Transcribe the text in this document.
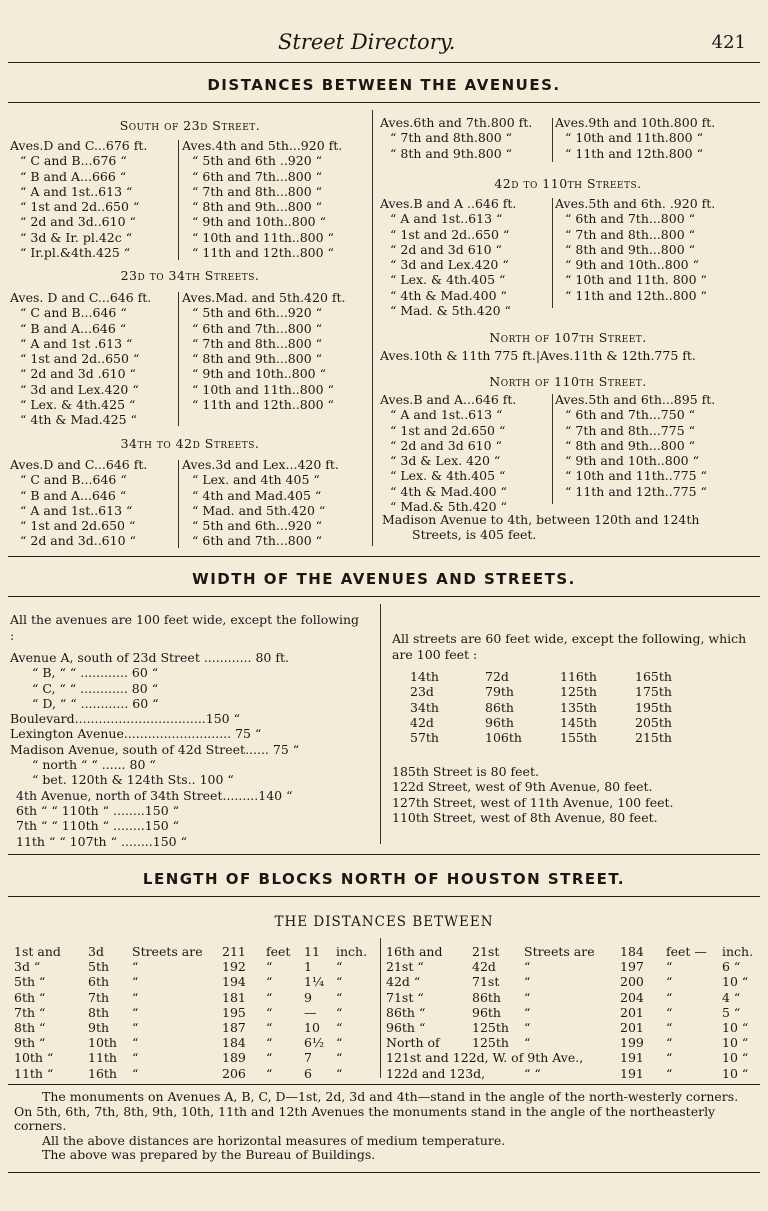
Street Directory.	421
DISTANCES BETWEEN THE AVENUES.
South of 23d Street.
Aves.D and C...676 ft.
“ C and B...676 “
“ B and A...666 “
“ A and 1st..613 “
“ 1st and 2d..650 “
“ 2d and 3d..610 “
“ 3d & Ir. pl.42c “
“ Ir.pl.&4th.425 “
Aves.4th and 5th...920 ft.
“ 5th and 6th ..920 “
“ 6th and 7th...800 “
“ 7th and 8th...800 “
“ 8th and 9th...800 “
“ 9th and 10th..800 “
“ 10th and 11th..800 “
“ 11th and 12th..800 “
23d to 34th Streets.
Aves. D and C...646 ft.
“ C and B...646 “
“ B and A...646 “
“ A and 1st .613 “
“ 1st and 2d..650 “
“ 2d and 3d .610 “
“ 3d and Lex.420 “
“ Lex. & 4th.425 “
“ 4th & Mad.425 “
Aves.Mad. and 5th.420 ft.
“ 5th and 6th...920 “
“ 6th and 7th...800 “
“ 7th and 8th...800 “
“ 8th and 9th...800 “
“ 9th and 10th..800 “
“ 10th and 11th..800 “
“ 11th and 12th..800 “
34th to 42d Streets.
Aves.D and C...646 ft.
“ C and B...646 “
“ B and A...646 “
“ A and 1st..613 “
“ 1st and 2d.650 “
“ 2d and 3d..610 “
Aves.3d and Lex...420 ft.
“ Lex. and 4th 405 “
“ 4th and Mad.405 “
“ Mad. and 5th.420 “
“ 5th and 6th...920 “
“ 6th and 7th...800 “
Aves.6th and 7th.800 ft.
“ 7th and 8th.800 “
“ 8th and 9th.800 “
Aves.9th and 10th.800 ft.
“ 10th and 11th.800 “
“ 11th and 12th.800 “
42d to 110th Streets.
Aves.B and A ..646 ft.
“ A and 1st..613 “
“ 1st and 2d..650 “
“ 2d and 3d 610 “
“ 3d and Lex.420 “
“ Lex. & 4th.405 “
“ 4th & Mad.400 “
“ Mad. & 5th.420 “
Aves.5th and 6th. .920 ft.
“ 6th and 7th...800 “
“ 7th and 8th...800 “
“ 8th and 9th...800 “
“ 9th and 10th..800 “
“ 10th and 11th. 800 “
“ 11th and 12th..800 “
North of 107th Street.
Aves.10th & 11th 775 ft.|Aves.11th & 12th.775 ft.
North of 110th Street.
Aves.B and A...646 ft.
“ A and 1st..613 “
“ 1st and 2d.650 “
“ 2d and 3d 610 “
“ 3d & Lex. 420 “
“ Lex. & 4th.405 “
“ 4th & Mad.400 “
“ Mad.& 5th.420 “
Aves.5th and 6th...895 ft.
“ 6th and 7th...750 “
“ 7th and 8th...775 “
“ 8th and 9th...800 “
“ 9th and 10th..800 “
“ 10th and 11th..775 “
“ 11th and 12th..775 “
Madison Avenue to 4th, between 120th and 124th
Streets, is 405 feet.
WIDTH OF THE AVENUES AND STREETS.
All the avenues are 100 feet wide, except the following :
Avenue A, south of 23d Street ............ 80 ft.
“ B, “ “ ............ 60 “
“ C, “ “ ............ 80 “
“ D, “ “ ............ 60 “
Boulevard.................................150 “
Lexington Avenue........................... 75 “
Madison Avenue, south of 42d Street...... 75 “
“ north “ “ ...... 80 “
“ bet. 120th & 124th Sts.. 100 “
4th Avenue, north of 34th Street.........140 “
6th “ “ 110th “ ........150 “
7th “ “ 110th “ ........150 “
11th “ “ 107th “ ........150 “
All streets are 60 feet wide, except the following, which are 100 feet :
14th	72d	116th	165th
23d	79th	125th	175th
34th	86th	135th	195th
42d	96th	145th	205th
57th	106th	155th	215th
185th Street is 80 feet.
122d Street, west of 9th Avenue, 80 feet.
127th Street, west of 11th Avenue, 100 feet.
110th Street, west of 8th Avenue, 80 feet.
LENGTH OF BLOCKS NORTH OF HOUSTON STREET.
THE DISTANCES BETWEEN
1st and	3d	Streets are	211	feet	11	inch.
3d “	5th	“	192	“	1	“
5th “	6th	“	194	“	1¼ “
6th “	7th	“	181	“	9	“
7th “	8th	“	195	“	—	“
8th “	9th	“	187	“	10	“
9th “	10th	“	184	“	6½ “
10th “	11th	“	189	“	7	“
11th “	16th	“	206	“	6	“
16th and	21st	Streets are	184	feet —	inch.
21st “	42d	“	197	“	6 “
42d “	71st	“	200	“	10 “
71st “	86th	“	204	“	4 “
86th “	96th	“	201	“	5 “
96th “	125th	“	201	“	10 “
North of	125th	“	199	“	10 “
121st and 122d, W. of 9th Ave.,	191	“	10 “
122d and 123d,	“ “	191	“	10 “
The monuments on Avenues A, B, C, D—1st, 2d, 3d and 4th—stand in the angle of the north-westerly corners. On 5th, 6th, 7th, 8th, 9th, 10th, 11th and 12th Avenues the monuments stand in the angle of the northeasterly corners.
All the above distances are horizontal measures of medium temperature.
The above was prepared by the Bureau of Buildings.
